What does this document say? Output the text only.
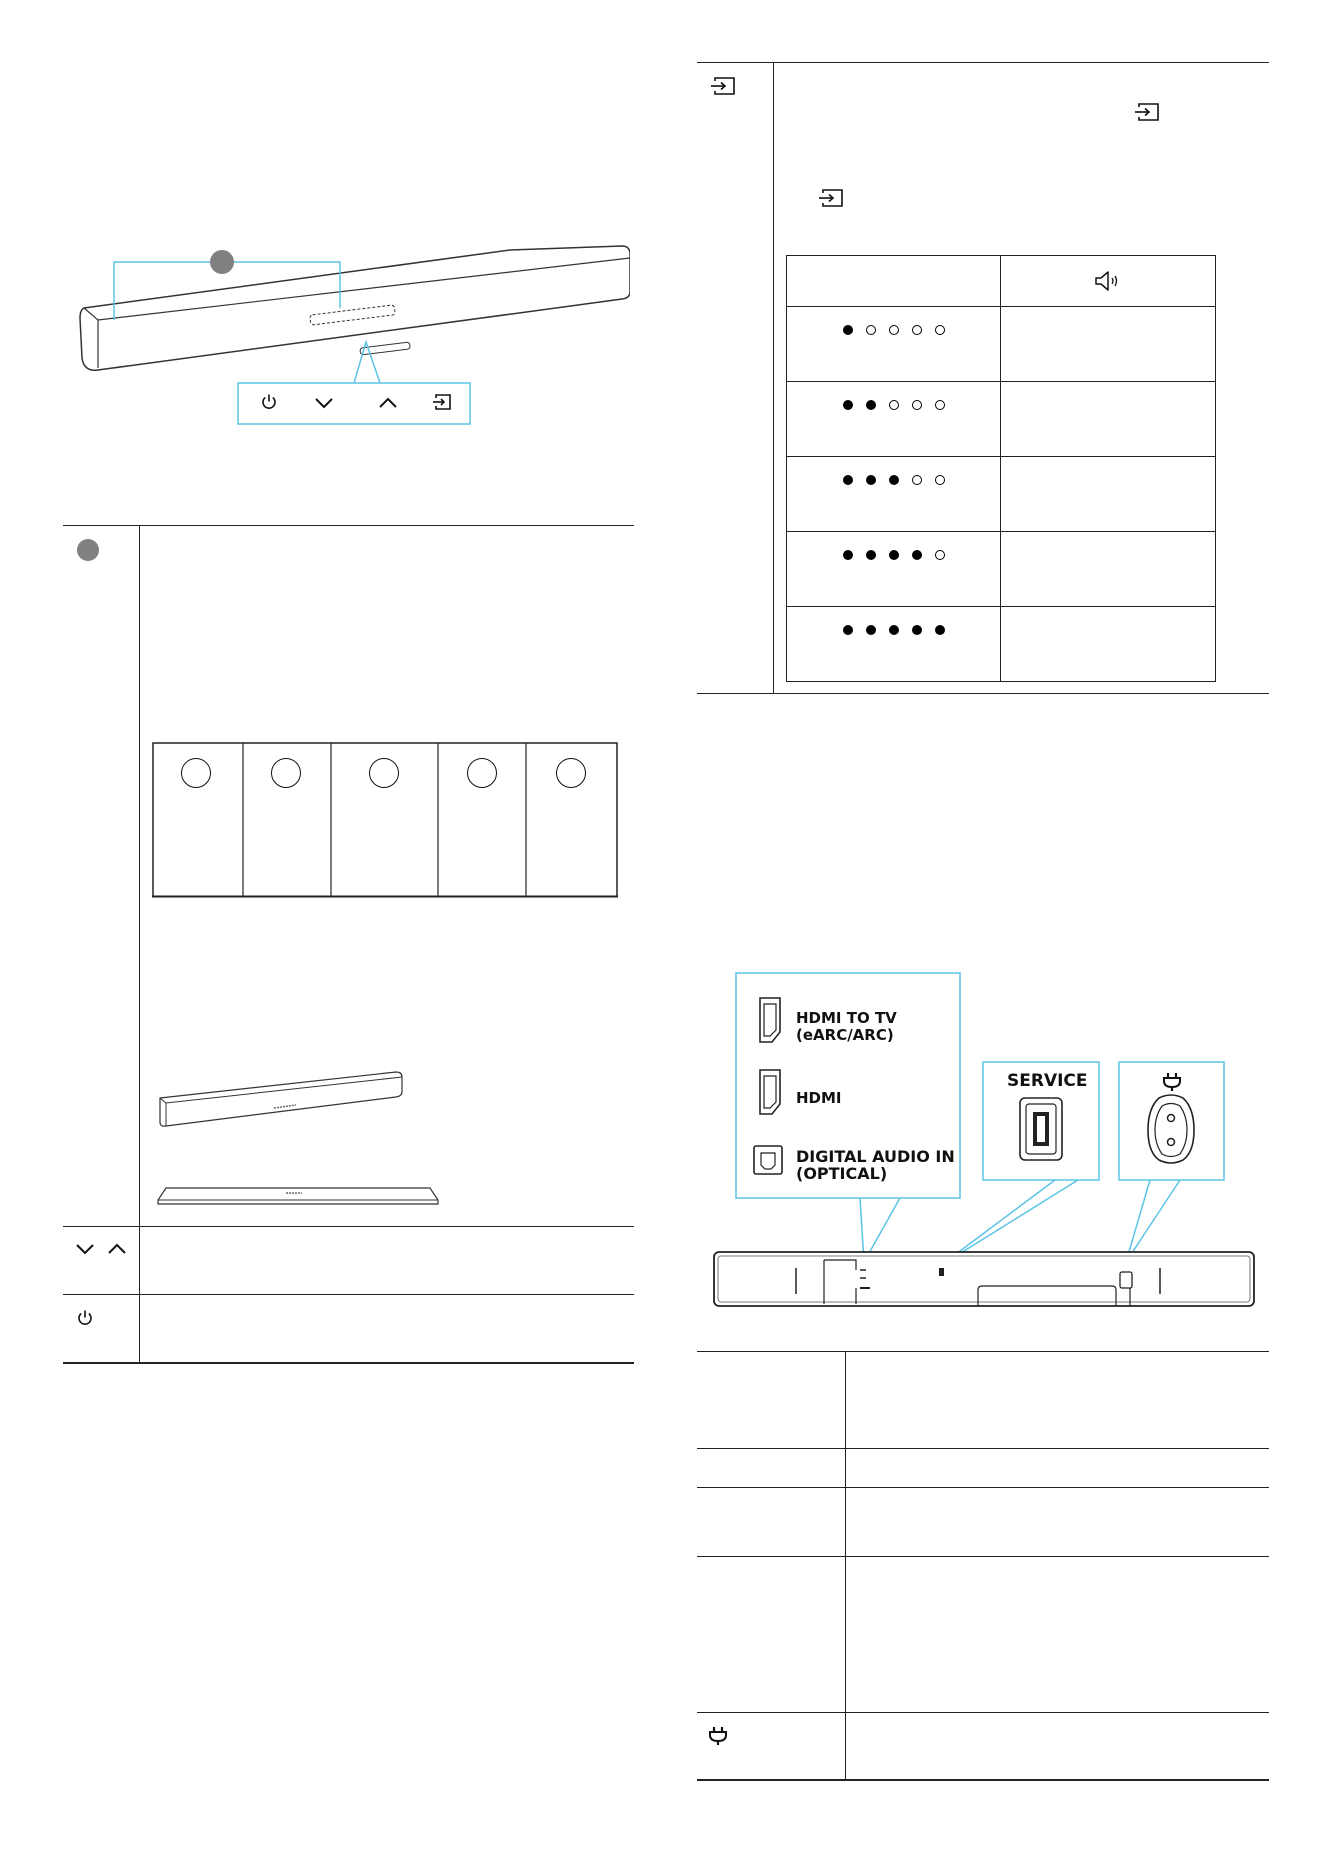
HDMI TO TV
(eARC/ARC)
HDMI
DIGITAL AUDIO IN
(OPTICAL)
SERVICE
